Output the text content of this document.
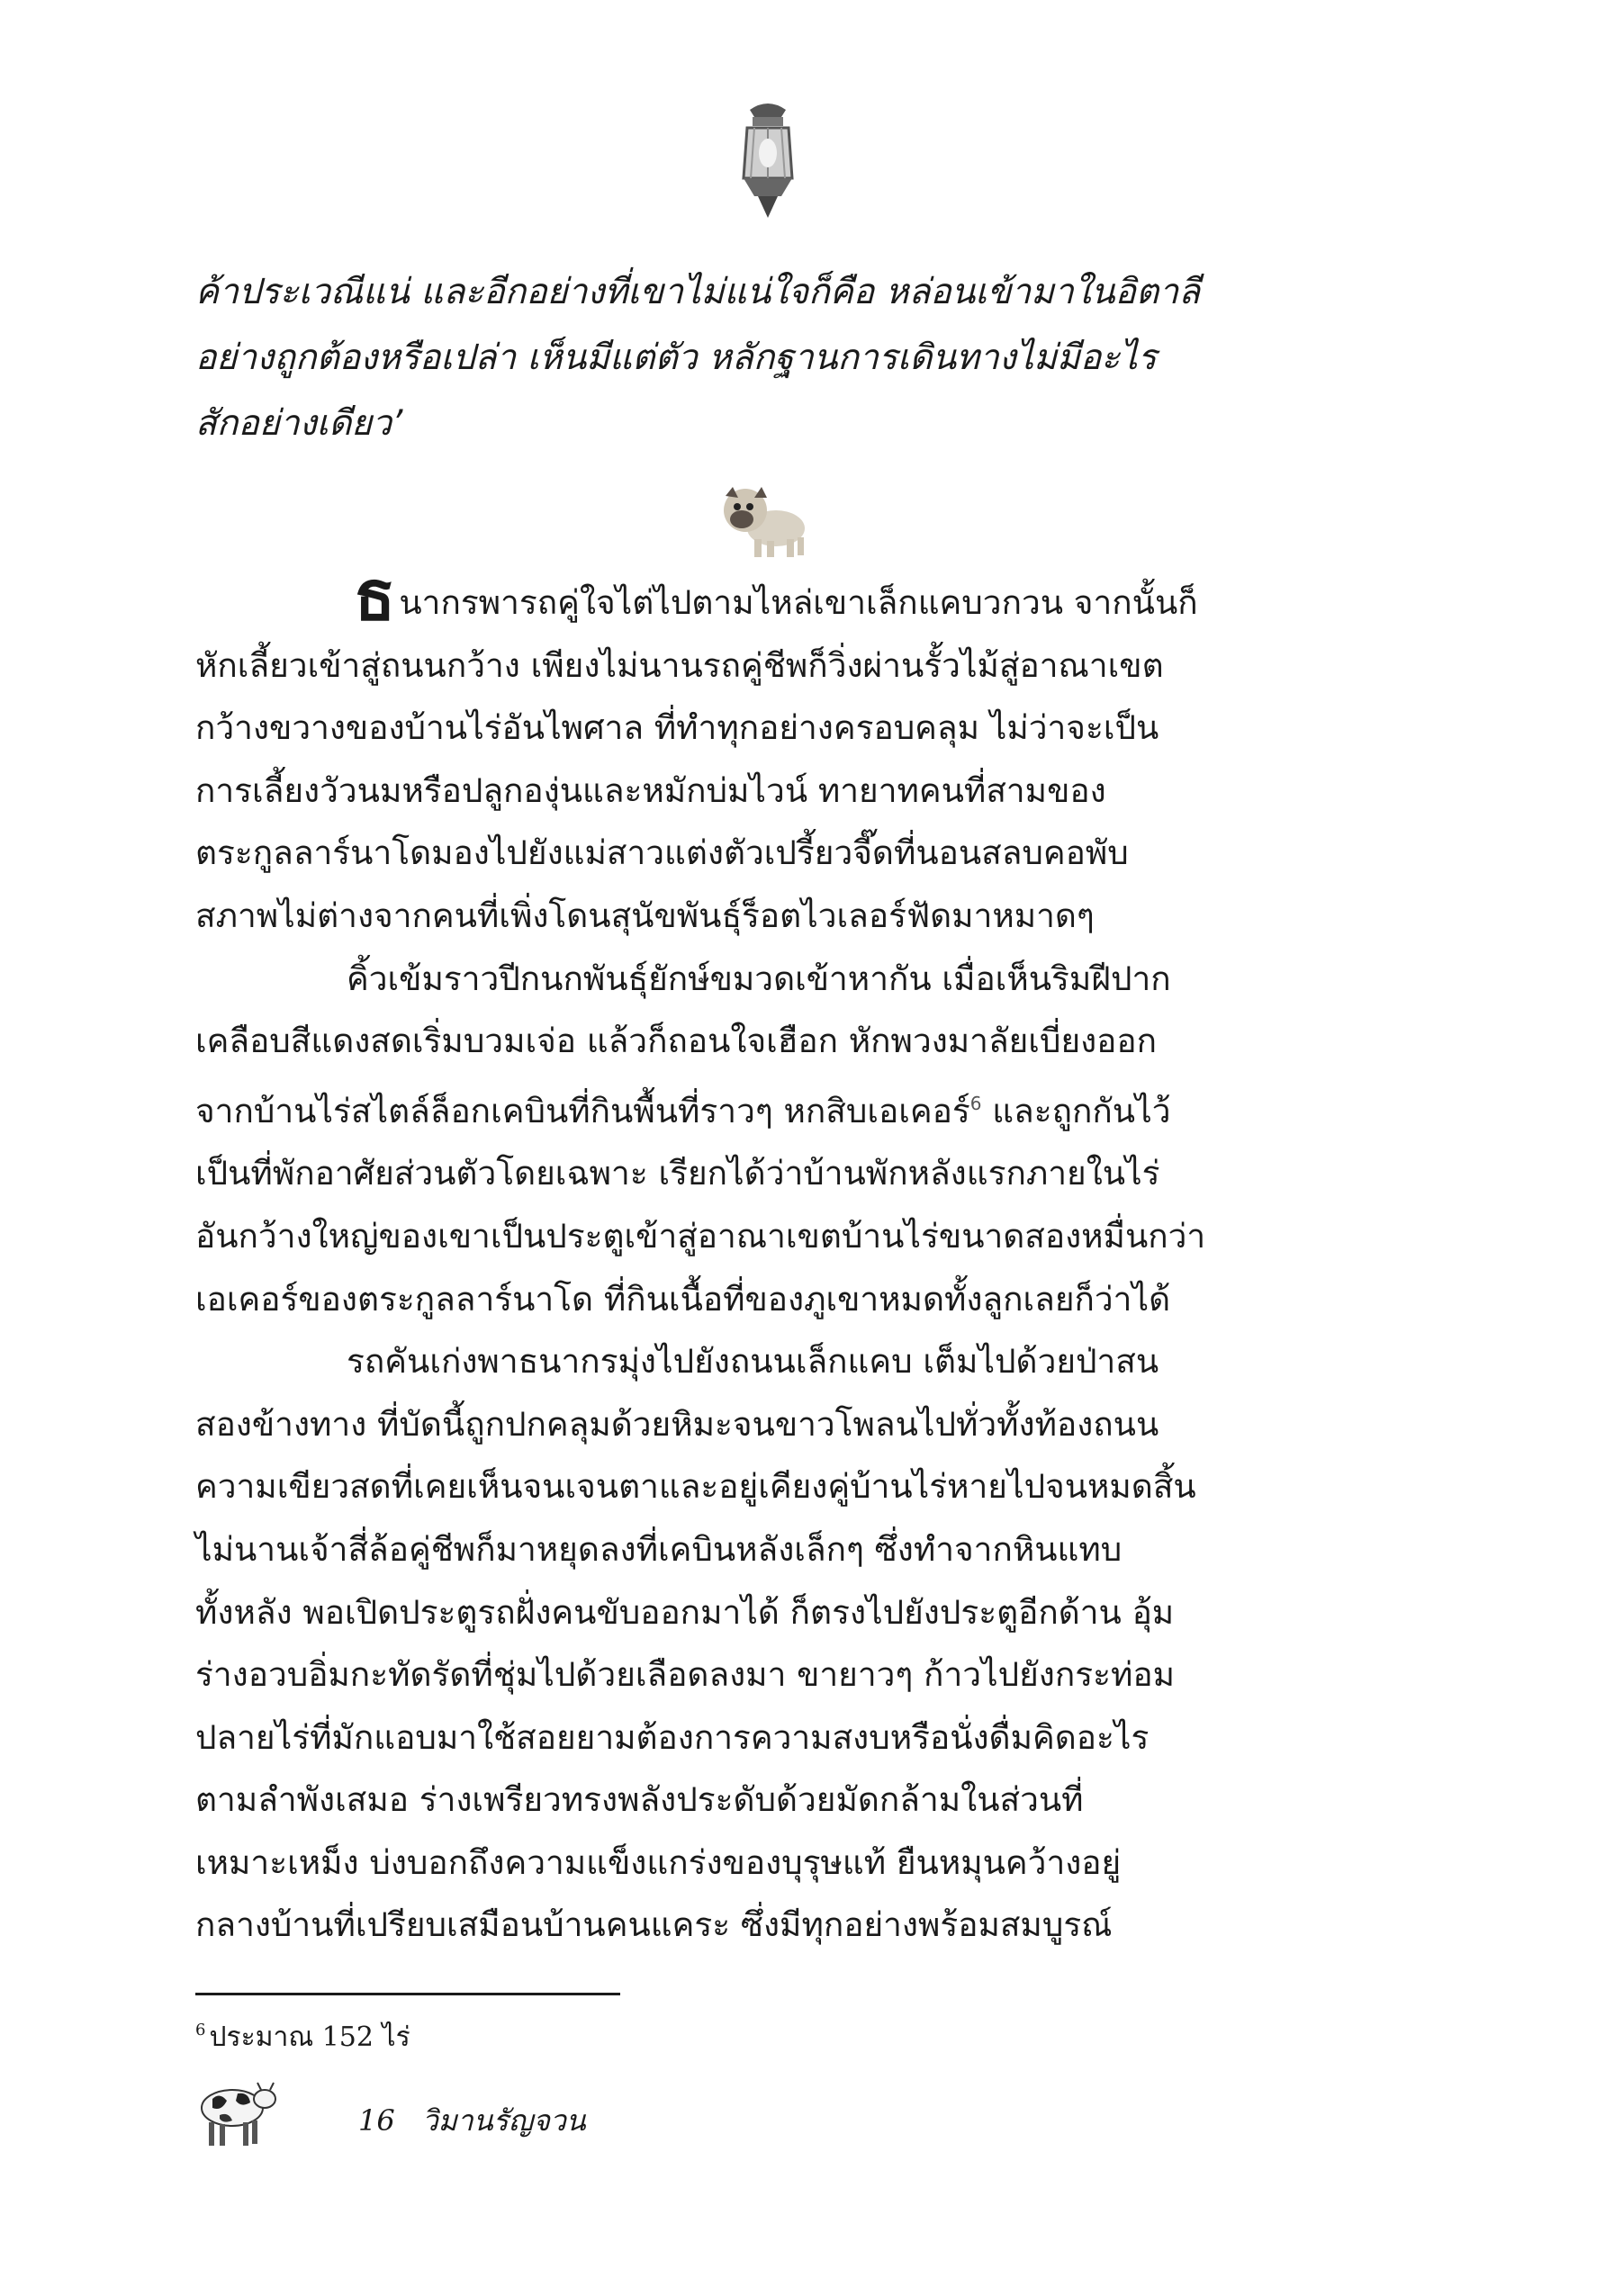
ค้าประเวณีแน่ และอีกอย่างที่เขาไม่แน่ใจก็คือ หล่อนเข้ามาในอิตาลี
อย่างถูกต้องหรือเปล่า เห็นมีแต่ตัว หลักฐานการเดินทางไม่มีอะไร
สักอย่างเดียว’
ธนากรพารถคู่ใจไต่ไปตามไหล่เขาเล็กแคบวกวน จากนั้นก็
หักเลี้ยวเข้าสู่ถนนกว้าง เพียงไม่นานรถคู่ชีพก็วิ่งผ่านรั้วไม้สู่อาณาเขต
กว้างขวางของบ้านไร่อันไพศาล ที่ทำทุกอย่างครอบคลุม ไม่ว่าจะเป็น
การเลี้ยงวัวนมหรือปลูกองุ่นและหมักบ่มไวน์ ทายาทคนที่สามของ
ตระกูลลาร์นาโดมองไปยังแม่สาวแต่งตัวเปรี้ยวจี๊ดที่นอนสลบคอพับ
สภาพไม่ต่างจากคนที่เพิ่งโดนสุนัขพันธุ์ร็อตไวเลอร์ฟัดมาหมาดๆ
คิ้วเข้มราวปีกนกพันธุ์ยักษ์ขมวดเข้าหากัน เมื่อเห็นริมฝีปาก
เคลือบสีแดงสดเริ่มบวมเจ่อ แล้วก็ถอนใจเฮือก หักพวงมาลัยเบี่ยงออก
จากบ้านไร่สไตล์ล็อกเคบินที่กินพื้นที่ราวๆ หกสิบเอเคอร์$^6$ และถูกกันไว้
เป็นที่พักอาศัยส่วนตัวโดยเฉพาะ เรียกได้ว่าบ้านพักหลังแรกภายในไร่
อันกว้างใหญ่ของเขาเป็นประตูเข้าสู่อาณาเขตบ้านไร่ขนาดสองหมื่นกว่า
เอเคอร์ของตระกูลลาร์นาโด ที่กินเนื้อที่ของภูเขาหมดทั้งลูกเลยก็ว่าได้
รถคันเก่งพาธนากรมุ่งไปยังถนนเล็กแคบ เต็มไปด้วยป่าสน
สองข้างทาง ที่บัดนี้ถูกปกคลุมด้วยหิมะจนขาวโพลนไปทั่วทั้งท้องถนน
ความเขียวสดที่เคยเห็นจนเจนตาและอยู่เคียงคู่บ้านไร่หายไปจนหมดสิ้น
ไม่นานเจ้าสี่ล้อคู่ชีพก็มาหยุดลงที่เคบินหลังเล็กๆ ซึ่งทำจากหินแทบ
ทั้งหลัง พอเปิดประตูรถฝั่งคนขับออกมาได้ ก็ตรงไปยังประตูอีกด้าน อุ้ม
ร่างอวบอิ่มกะทัดรัดที่ชุ่มไปด้วยเลือดลงมา ขายาวๆ ก้าวไปยังกระท่อม
ปลายไร่ที่มักแอบมาใช้สอยยามต้องการความสงบหรือนั่งดื่มคิดอะไร
ตามลำพังเสมอ ร่างเพรียวทรงพลังประดับด้วยมัดกล้ามในส่วนที่
เหมาะเหม็ง บ่งบอกถึงความแข็งแกร่งของบุรุษแท้ ยืนหมุนคว้างอยู่
กลางบ้านที่เปรียบเสมือนบ้านคนแคระ ซึ่งมีทุกอย่างพร้อมสมบูรณ์
$^6$ ประมาณ 152 ไร่
16 วิมานรัญจวน
